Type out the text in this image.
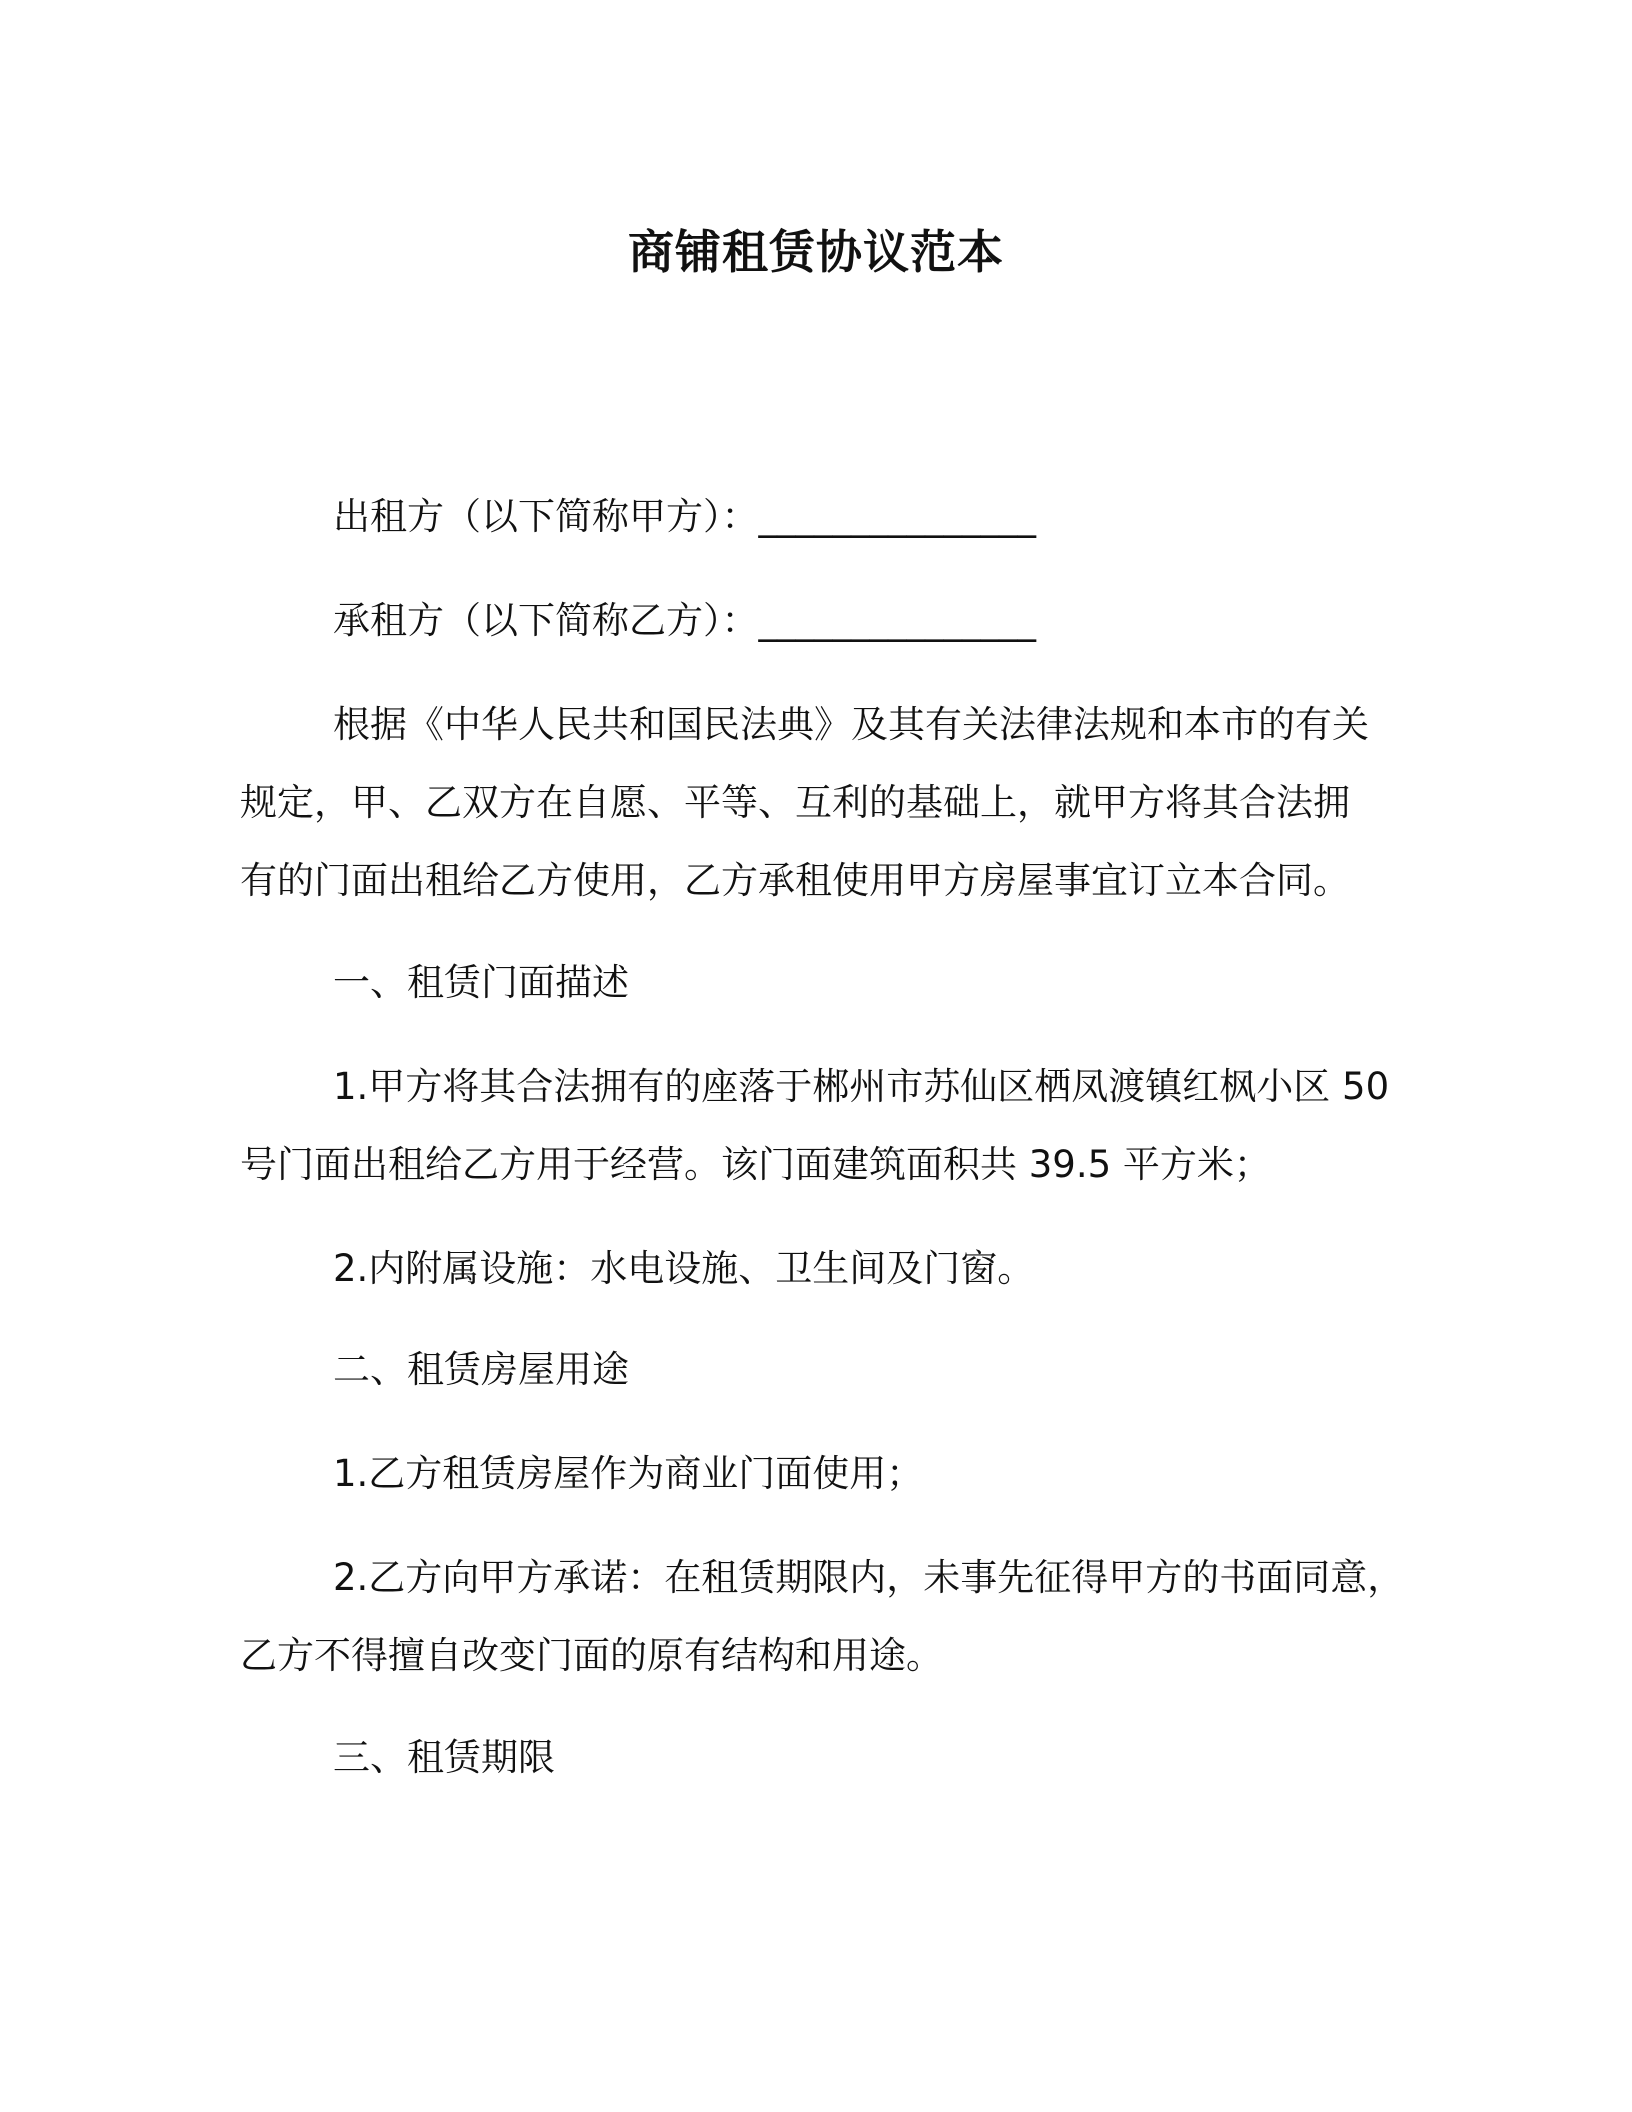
商铺租赁协议范本
出租方（以下简称甲方）：_______________
承租方（以下简称乙方）：_______________
根据《中华人民共和国民法典》及其有关法律法规和本市的有关
规定，甲、乙双方在自愿、平等、互利的基础上，就甲方将其合法拥
有的门面出租给乙方使用，乙方承租使用甲方房屋事宜订立本合同。
一、租赁门面描述
1.甲方将其合法拥有的座落于郴州市苏仙区栖凤渡镇红枫小区 50
号门面出租给乙方用于经营。该门面建筑面积共 39.5 平方米；
2.内附属设施：水电设施、卫生间及门窗。
二、租赁房屋用途
1.乙方租赁房屋作为商业门面使用；
2.乙方向甲方承诺：在租赁期限内，未事先征得甲方的书面同意，
乙方不得擅自改变门面的原有结构和用途。
三、租赁期限
